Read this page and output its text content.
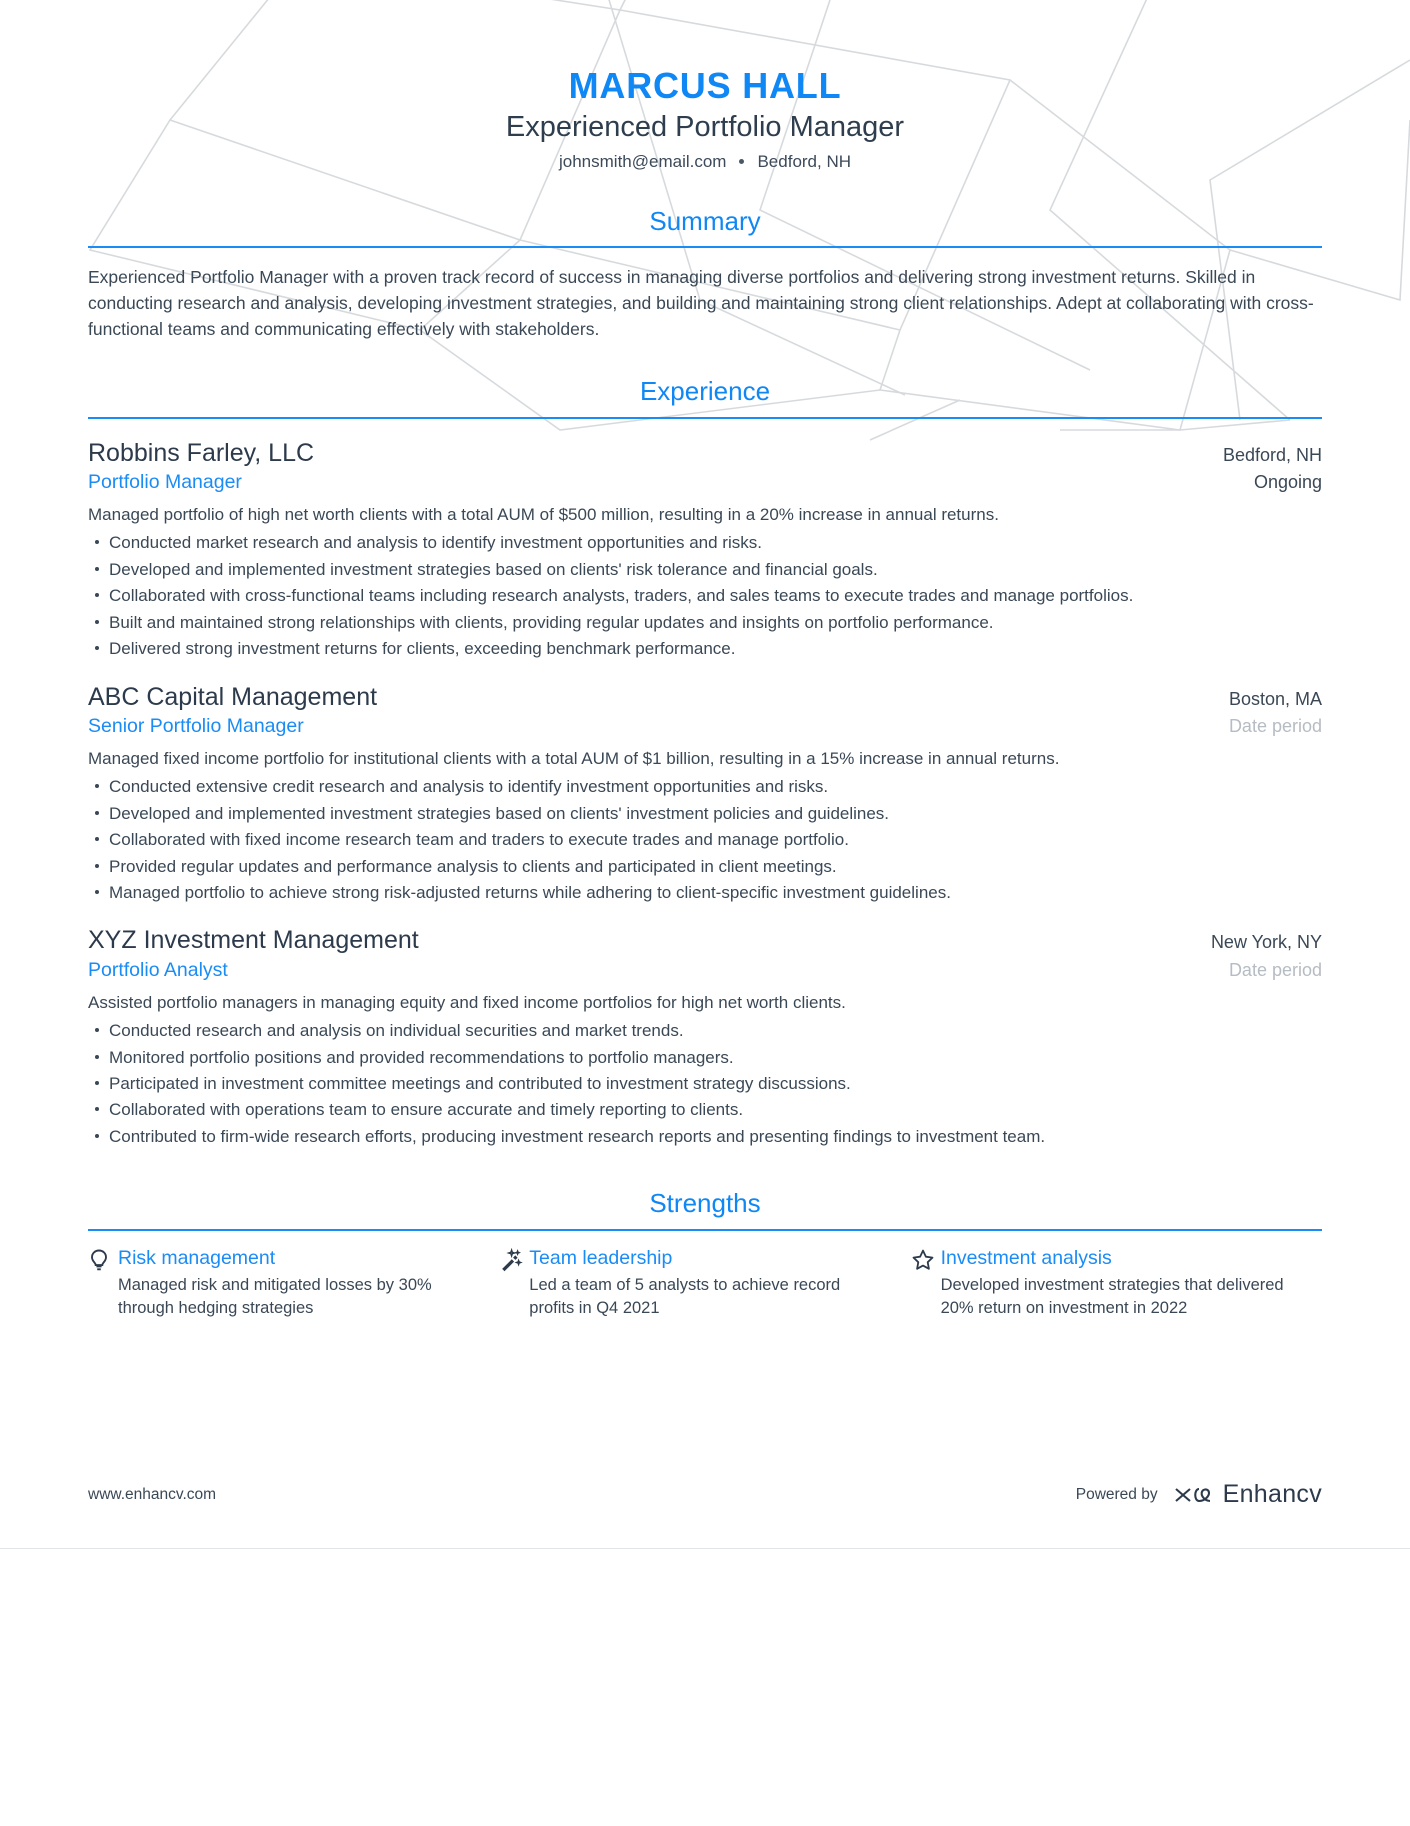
MARCUS HALL
Experienced Portfolio Manager
johnsmith@email.com Bedford, NH
Summary
Experienced Portfolio Manager with a proven track record of success in managing diverse portfolios and delivering strong investment returns. Skilled in conducting research and analysis, developing investment strategies, and building and maintaining strong client relationships. Adept at collaborating with cross-functional teams and communicating effectively with stakeholders.
Experience
Robbins Farley, LLC	Bedford, NH
Portfolio Manager	Ongoing
Managed portfolio of high net worth clients with a total AUM of $500 million, resulting in a 20% increase in annual returns.
Conducted market research and analysis to identify investment opportunities and risks.
Developed and implemented investment strategies based on clients' risk tolerance and financial goals.
Collaborated with cross-functional teams including research analysts, traders, and sales teams to execute trades and manage portfolios.
Built and maintained strong relationships with clients, providing regular updates and insights on portfolio performance.
Delivered strong investment returns for clients, exceeding benchmark performance.
ABC Capital Management	Boston, MA
Senior Portfolio Manager	Date period
Managed fixed income portfolio for institutional clients with a total AUM of $1 billion, resulting in a 15% increase in annual returns.
Conducted extensive credit research and analysis to identify investment opportunities and risks.
Developed and implemented investment strategies based on clients' investment policies and guidelines.
Collaborated with fixed income research team and traders to execute trades and manage portfolio.
Provided regular updates and performance analysis to clients and participated in client meetings.
Managed portfolio to achieve strong risk-adjusted returns while adhering to client-specific investment guidelines.
XYZ Investment Management	New York, NY
Portfolio Analyst	Date period
Assisted portfolio managers in managing equity and fixed income portfolios for high net worth clients.
Conducted research and analysis on individual securities and market trends.
Monitored portfolio positions and provided recommendations to portfolio managers.
Participated in investment committee meetings and contributed to investment strategy discussions.
Collaborated with operations team to ensure accurate and timely reporting to clients.
Contributed to firm-wide research efforts, producing investment research reports and presenting findings to investment team.
Strengths
Risk management
Managed risk and mitigated losses by 30% through hedging strategies
Team leadership
Led a team of 5 analysts to achieve record profits in Q4 2021
Investment analysis
Developed investment strategies that delivered 20% return on investment in 2022
www.enhancv.com	Powered by	Enhancv
